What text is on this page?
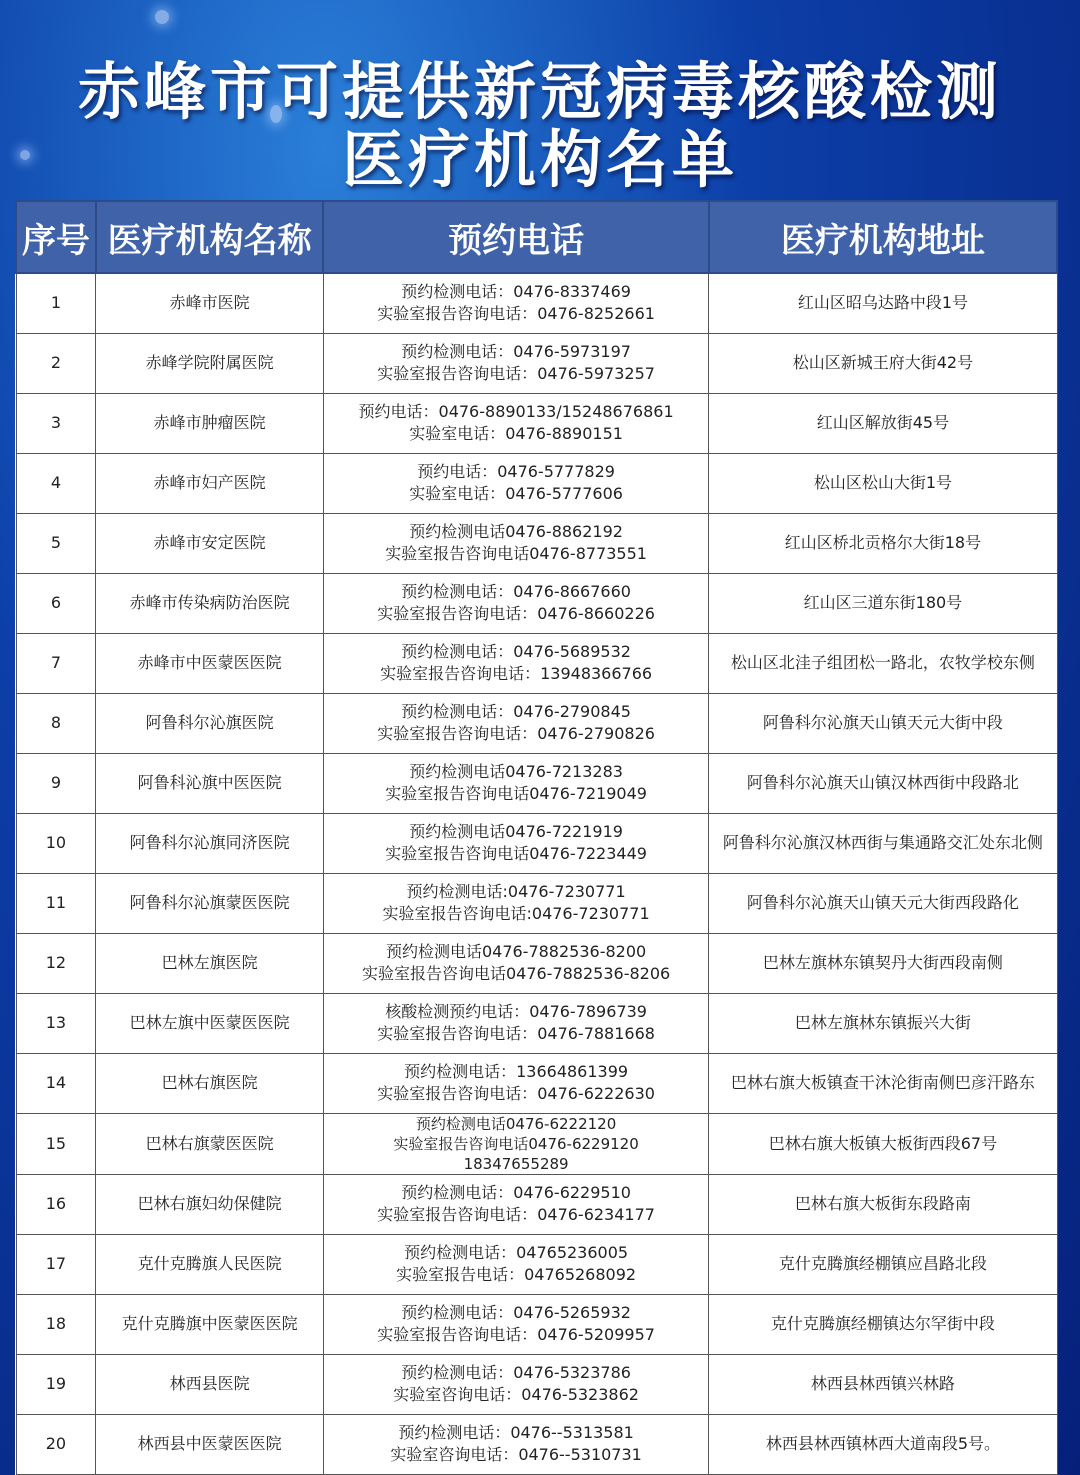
赤峰市可提供新冠病毒核酸检测
医疗机构名单
序号	医疗机构名称	预约电话	医疗机构地址
1	赤峰市医院	预约检测电话：0476-8337469
实验室报告咨询电话：0476-8252661	红山区昭乌达路中段1号
2	赤峰学院附属医院	预约检测电话：0476-5973197
实验室报告咨询电话：0476-5973257	松山区新城王府大街42号
3	赤峰市肿瘤医院	预约电话：0476-8890133/15248676861
实验室电话：0476-8890151	红山区解放街45号
4	赤峰市妇产医院	预约电话：0476-5777829
实验室电话：0476-5777606	松山区松山大街1号
5	赤峰市安定医院	预约检测电话0476-8862192
实验室报告咨询电话0476-8773551	红山区桥北贡格尔大街18号
6	赤峰市传染病防治医院	预约检测电话：0476-8667660
实验室报告咨询电话：0476-8660226	红山区三道东街180号
7	赤峰市中医蒙医医院	预约检测电话：0476-5689532
实验室报告咨询电话：13948366766	松山区北洼子组团松一路北，农牧学校东侧
8	阿鲁科尔沁旗医院	预约检测电话：0476-2790845
实验室报告咨询电话：0476-2790826	阿鲁科尔沁旗天山镇天元大街中段
9	阿鲁科沁旗中医医院	预约检测电话0476-7213283
实验室报告咨询电话0476-7219049	阿鲁科尔沁旗天山镇汉林西街中段路北
10	阿鲁科尔沁旗同济医院	预约检测电话0476-7221919
实验室报告咨询电话0476-7223449	阿鲁科尔沁旗汉林西街与集通路交汇处东北侧
11	阿鲁科尔沁旗蒙医医院	预约检测电话:0476-7230771
实验室报告咨询电话:0476-7230771	阿鲁科尔沁旗天山镇天元大街西段路化
12	巴林左旗医院	预约检测电话0476-7882536-8200
实验室报告咨询电话0476-7882536-8206	巴林左旗林东镇契丹大街西段南侧
13	巴林左旗中医蒙医医院	核酸检测预约电话：0476-7896739
实验室报告咨询电话：0476-7881668	巴林左旗林东镇振兴大街
14	巴林右旗医院	预约检测电话：13664861399
实验室报告咨询电话：0476-6222630	巴林右旗大板镇查干沐沦街南侧巴彦汗路东
15	巴林右旗蒙医医院	预约检测电话0476-6222120
实验室报告咨询电话0476-6229120
18347655289	巴林右旗大板镇大板街西段67号
16	巴林右旗妇幼保健院	预约检测电话：0476-6229510
实验室报告咨询电话：0476-6234177	巴林右旗大板街东段路南
17	克什克腾旗人民医院	预约检测电话：04765236005
实验室报告电话：04765268092	克什克腾旗经棚镇应昌路北段
18	克什克腾旗中医蒙医医院	预约检测电话：0476-5265932
实验室报告咨询电话：0476-5209957	克什克腾旗经棚镇达尔罕街中段
19	林西县医院	预约检测电话：0476-5323786
实验室咨询电话：0476-5323862	林西县林西镇兴林路
20	林西县中医蒙医医院	预约检测电话：0476--5313581
实验室咨询电话：0476--5310731	林西县林西镇林西大道南段5号。
